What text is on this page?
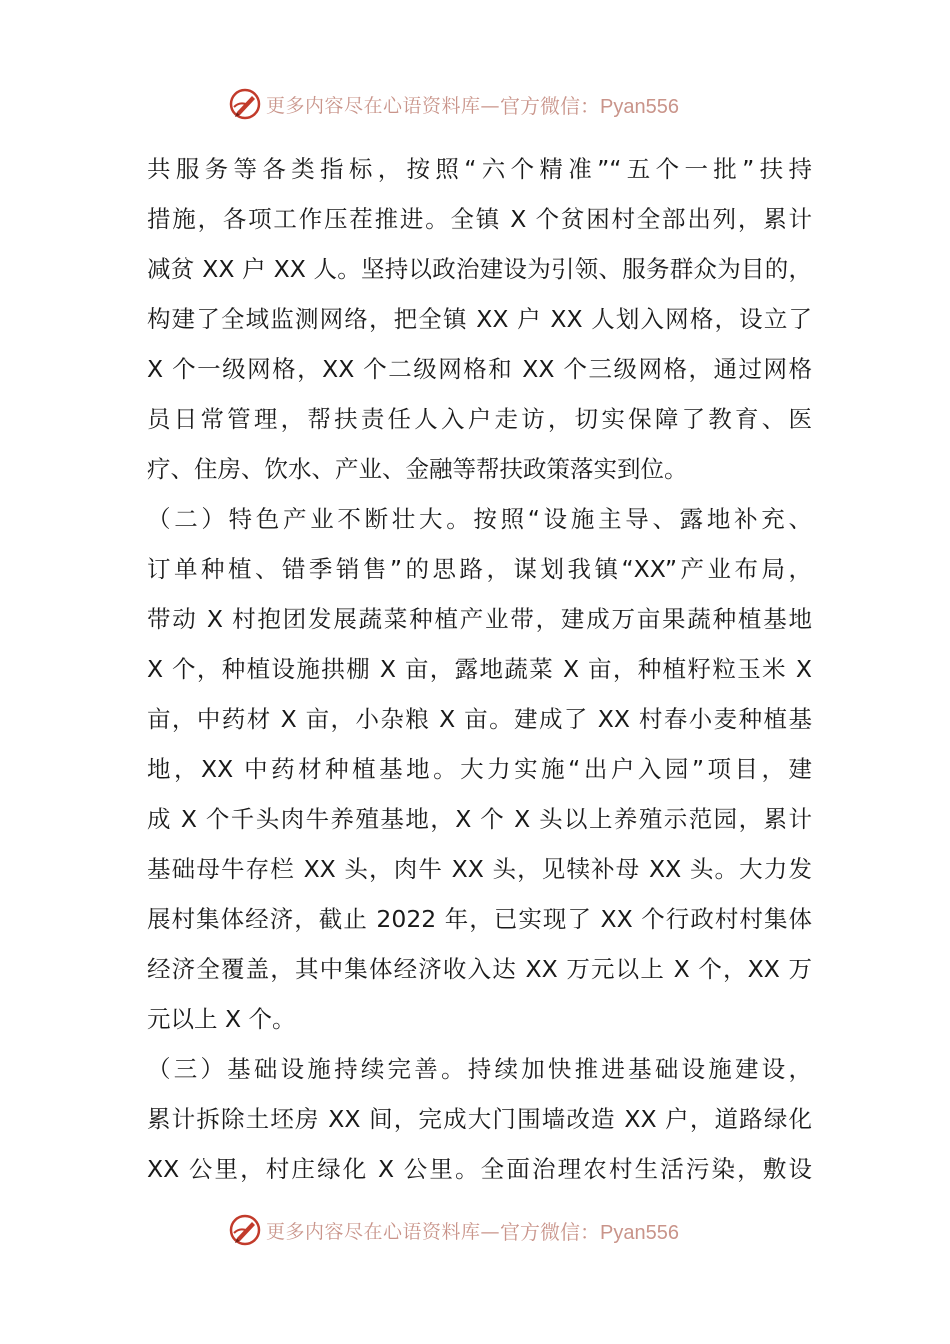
更多内容尽在心语资料库— 官方微信：Pyan556
共服务等各类指标，按照“六个精准”“五个一批”扶持
措施，各项工作压茬推进。全镇 X 个贫困村全部出列，累计
减贫 XX 户 XX 人。坚持以政治建设为引领、服务群众为目的，
构建了全域监测网络，把全镇 XX 户 XX 人划入网格，设立了
X 个一级网格，XX 个二级网格和 XX 个三级网格，通过网格
员日常管理，帮扶责任人入户走访，切实保障了教育、医
疗、住房、饮水、产业、金融等帮扶政策落实到位。
（二）特色产业不断壮大。按照“设施主导、露地补充、
订单种植、错季销售”的思路，谋划我镇“XX”产业布局，
带动 X 村抱团发展蔬菜种植产业带，建成万亩果蔬种植基地
X 个，种植设施拱棚 X 亩，露地蔬菜 X 亩，种植籽粒玉米 X
亩，中药材 X 亩，小杂粮 X 亩。建成了 XX 村春小麦种植基
地，XX 中药材种植基地。大力实施“出户入园”项目，建
成 X 个千头肉牛养殖基地，X 个 X 头以上养殖示范园，累计
基础母牛存栏 XX 头，肉牛 XX 头，见犊补母 XX 头。大力发
展村集体经济，截止 2022 年，已实现了 XX 个行政村村集体
经济全覆盖，其中集体经济收入达 XX 万元以上 X 个，XX 万
元以上 X 个。
（三）基础设施持续完善。持续加快推进基础设施建设，
累计拆除土坯房 XX 间，完成大门围墙改造 XX 户，道路绿化
XX 公里，村庄绿化 X 公里。全面治理农村生活污染，敷设
更多内容尽在心语资料库— 官方微信：Pyan556
